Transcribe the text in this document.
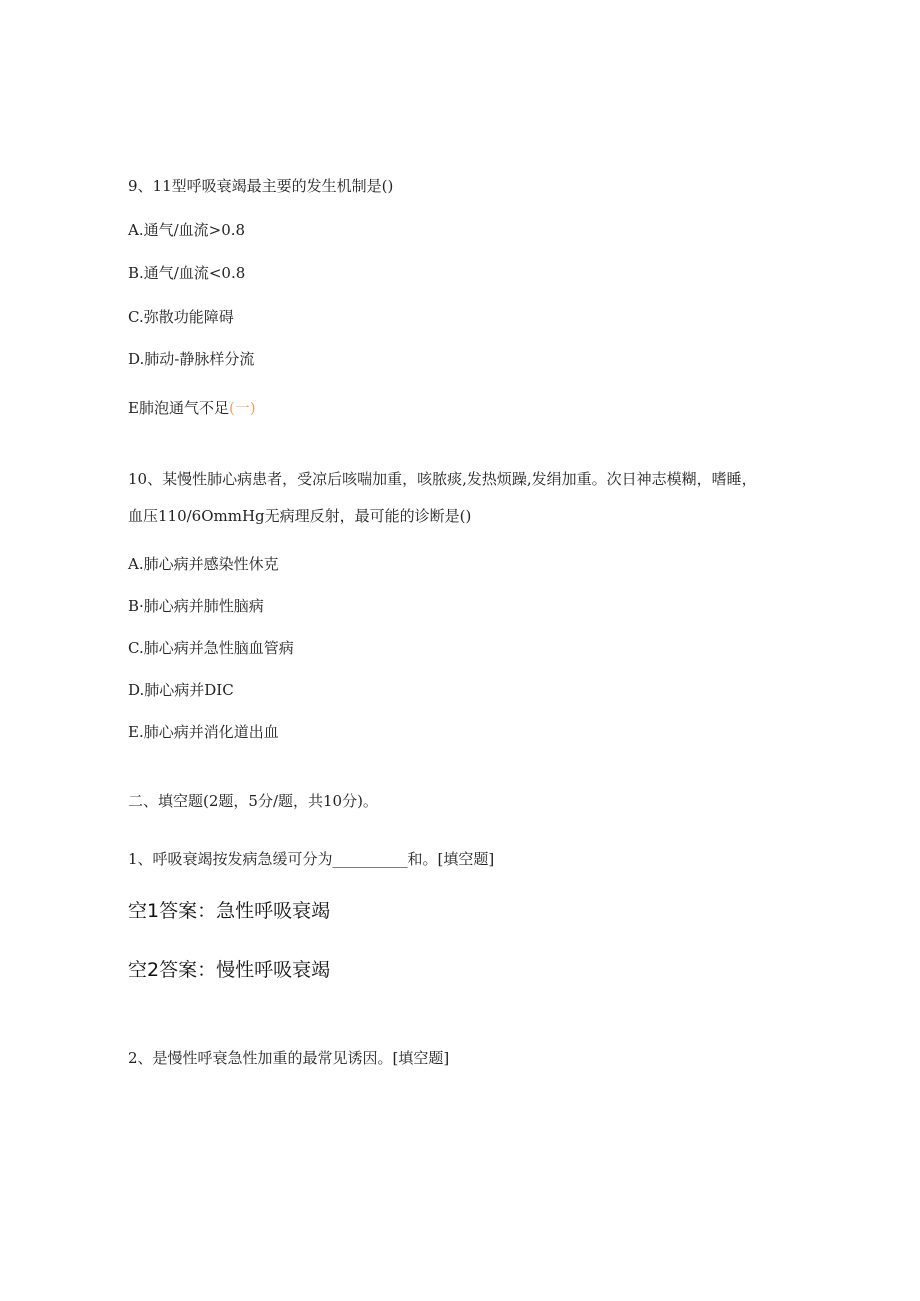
9、11型呼吸衰竭最主要的发生机制是()
A.通气/血流>0.8
B.通气/血流<0.8
C.弥散功能障碍
D.肺动-静脉样分流
E肺泡通气不足(一)
10、某慢性肺心病患者，受凉后咳喘加重，咳脓痰,发热烦躁,发绢加重。次日神志模糊，嗜睡，血压110/6OmmHg无病理反射，最可能的诊断是()
A.肺心病并感染性休克
B·肺心病并肺性脑病
C.肺心病并急性脑血管病
D.肺心病并DIC
E.肺心病并消化道出血
二、填空题(2题，5分/题，共10分)。
1、呼吸衰竭按发病急缓可分为__________和。[填空题]
空1答案：急性呼吸衰竭
空2答案：慢性呼吸衰竭
2、是慢性呼衰急性加重的最常见诱因。[填空题]
